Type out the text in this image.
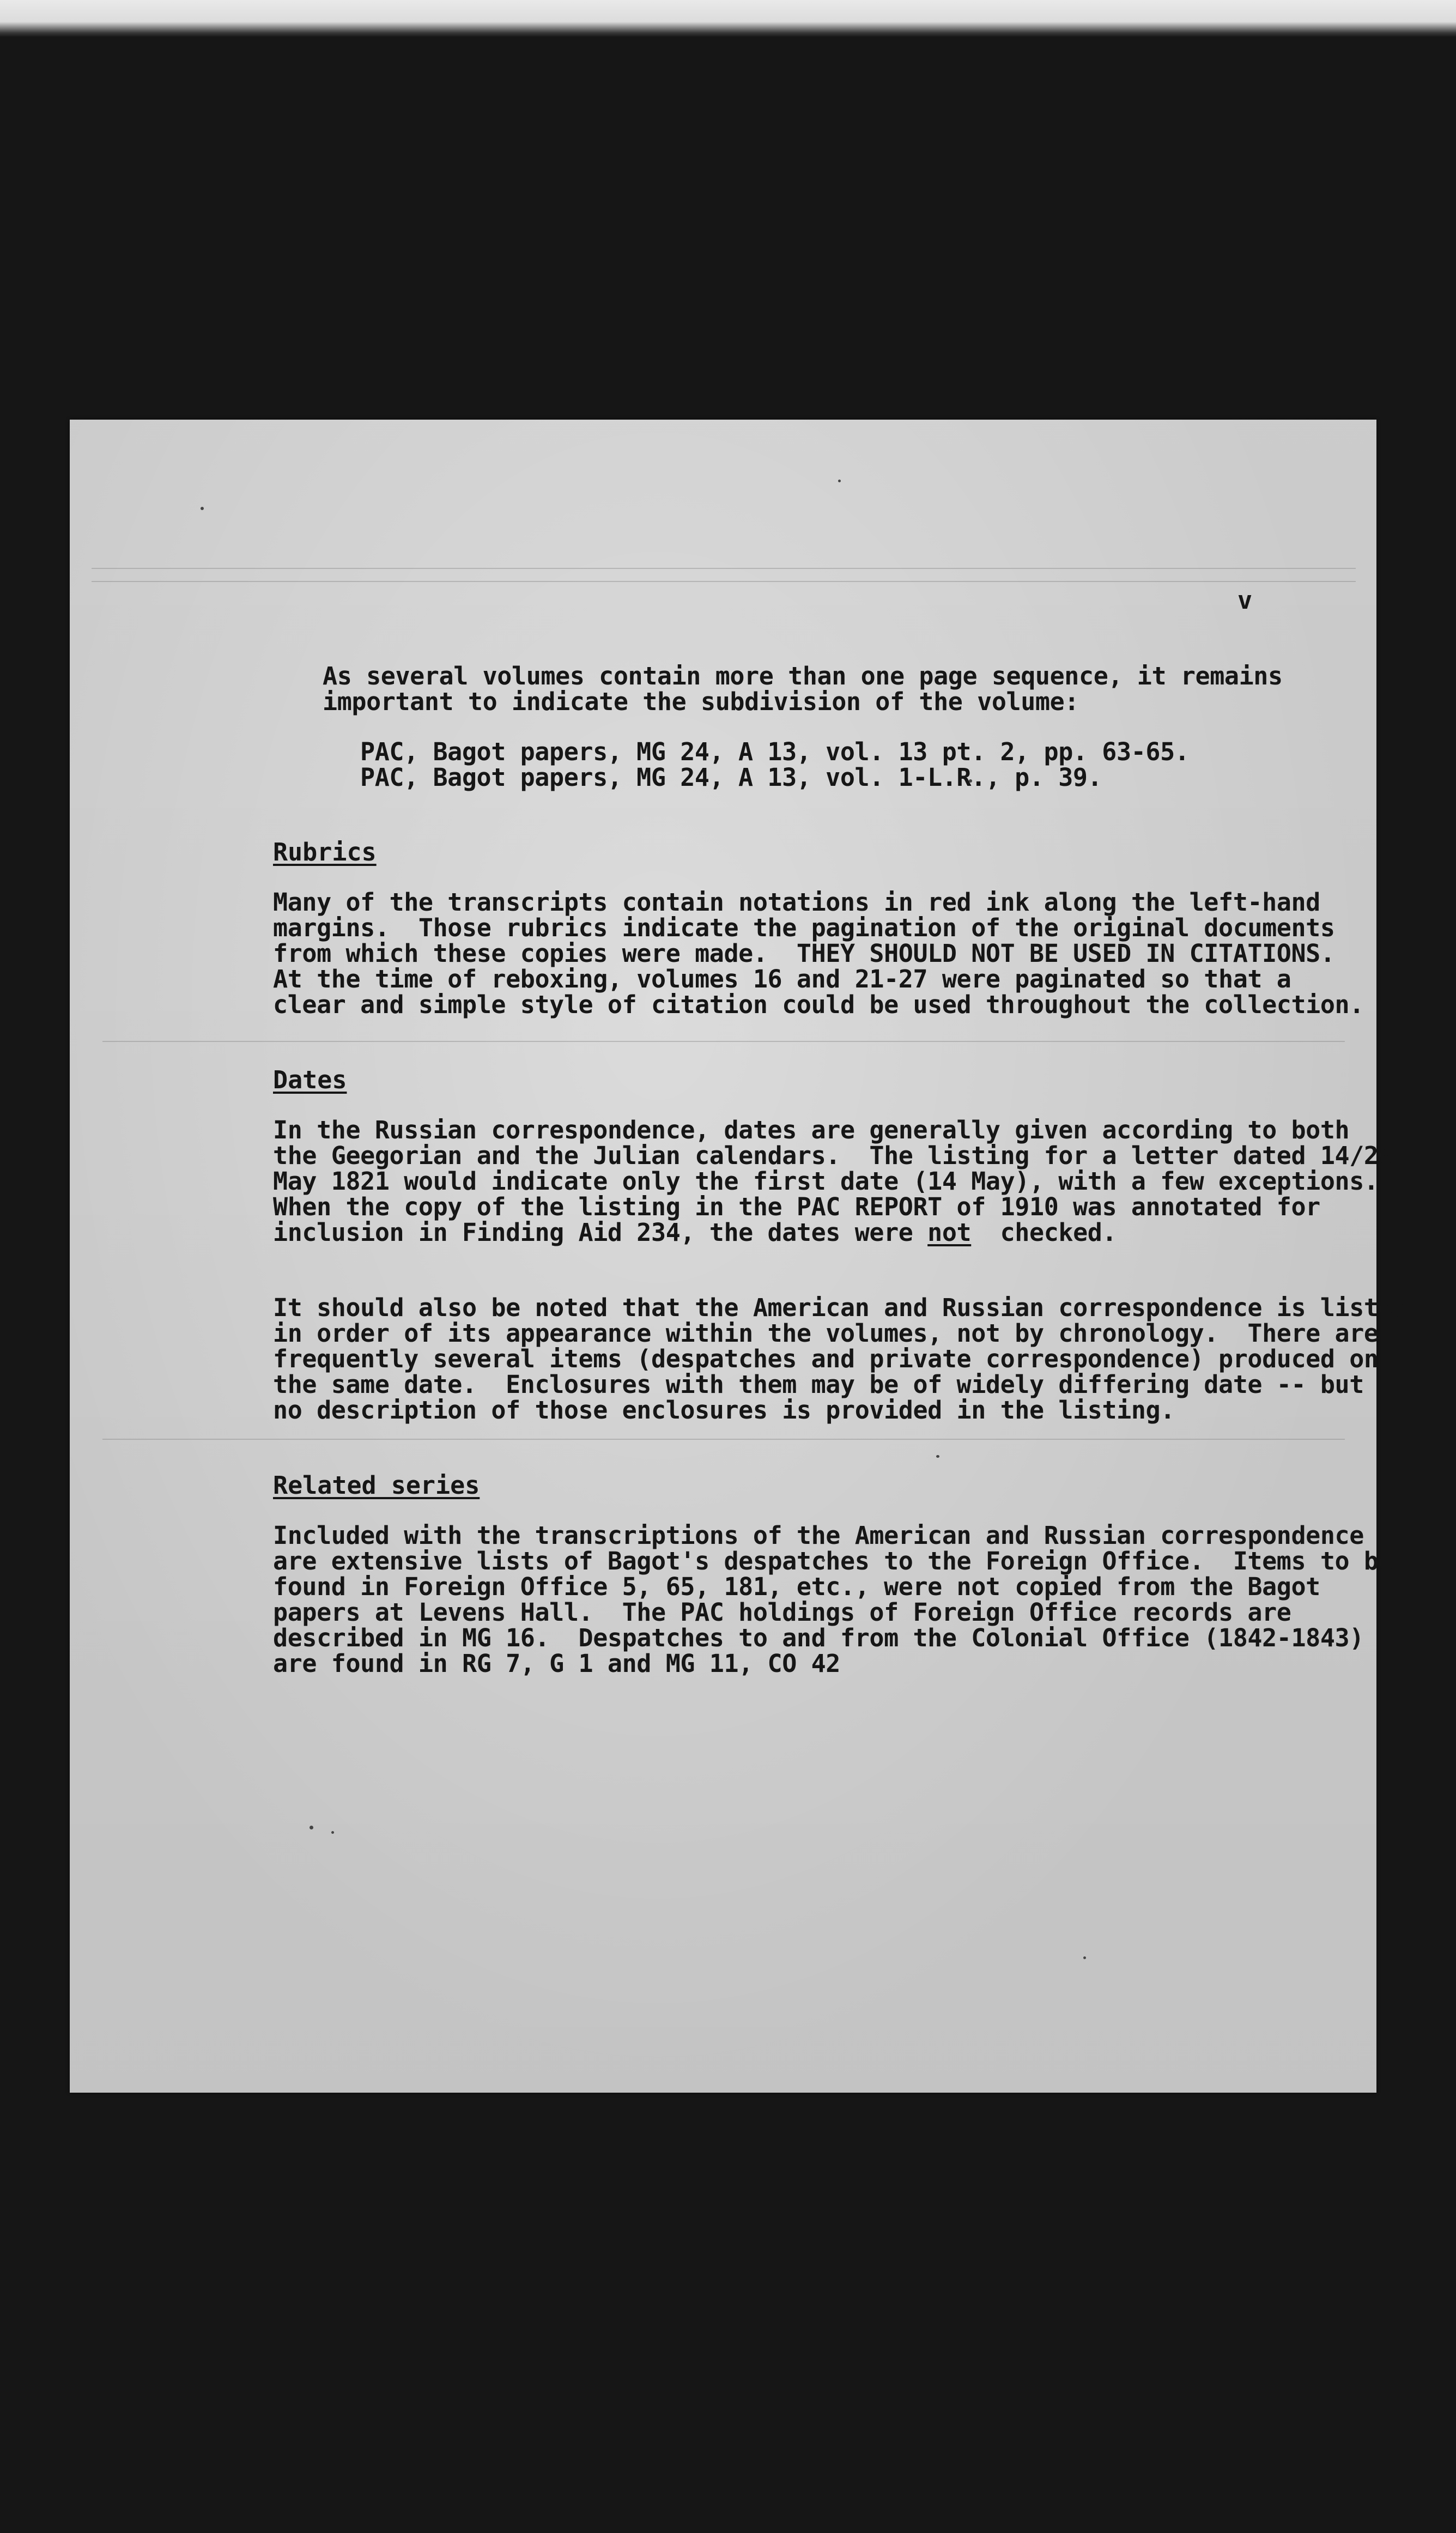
v
As several volumes contain more than one page sequence, it remains
important to indicate the subdivision of the volume:
PAC, Bagot papers, MG 24, A 13, vol. 13 pt. 2, pp. 63-65.
PAC, Bagot papers, MG 24, A 13, vol. 1-L.R., p. 39.
Rubrics
Many of the transcripts contain notations in red ink along the left-hand
margins.  Those rubrics indicate the pagination of the original documents
from which these copies were made.  THEY SHOULD NOT BE USED IN CITATIONS.
At the time of reboxing, volumes 16 and 21-27 were paginated so that a
clear and simple style of citation could be used throughout the collection.
Dates
In the Russian correspondence, dates are generally given according to both
the Geegorian and the Julian calendars.  The listing for a letter dated 14/26
May 1821 would indicate only the first date (14 May), with a few exceptions.
When the copy of the listing in the PAC REPORT of 1910 was annotated for
inclusion in Finding Aid 234, the dates were not  checked.
It should also be noted that the American and Russian correspondence is listed
in order of its appearance within the volumes, not by chronology.  There are
frequently several items (despatches and private correspondence) produced on
the same date.  Enclosures with them may be of widely differing date -- but
no description of those enclosures is provided in the listing.
Related series
Included with the transcriptions of the American and Russian correspondence
are extensive lists of Bagot's despatches to the Foreign Office.  Items to be
found in Foreign Office 5, 65, 181, etc., were not copied from the Bagot
papers at Levens Hall.  The PAC holdings of Foreign Office records are
described in MG 16.  Despatches to and from the Colonial Office (1842-1843)
are found in RG 7, G 1 and MG 11, CO 42
